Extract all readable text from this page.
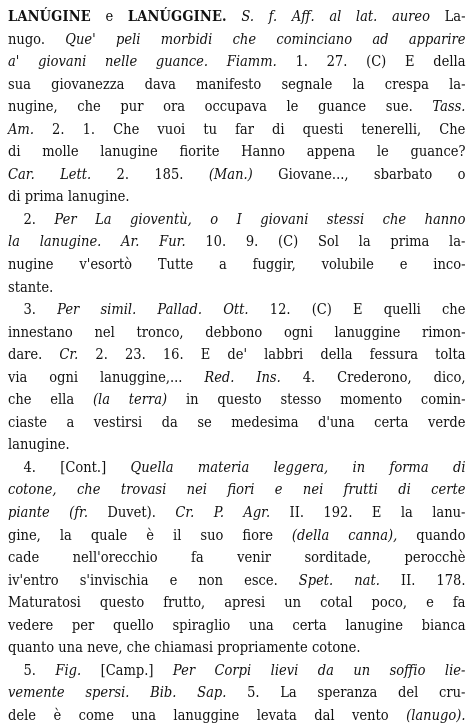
LANÚGINE e LANÚGGINE. S. f. Aff. al lat. aureo La-
nugo. Que' peli morbidi che cominciano ad apparire
a' giovani nelle guance. Fiamm. 1. 27. (C) E della
sua giovanezza dava manifesto segnale la crespa la-
nugine, che pur ora occupava le guance sue. Tass.
Am. 2. 1. Che vuoi tu far di questi tenerelli, Che
di molle lanugine fiorite Hanno appena le guance?
Car. Lett. 2. 185. (Man.) Giovane..., sbarbato o
di prima lanugine.
2. Per La gioventù, o I giovani stessi che hanno
la lanugine. Ar. Fur. 10. 9. (C) Sol la prima la-
nugine v'esortò Tutte a fuggir, volubile e inco-
stante.
3. Per simil. Pallad. Ott. 12. (C) E quelli che
innestano nel tronco, debbono ogni lanuggine rimon-
dare. Cr. 2. 23. 16. E de' labbri della fessura tolta
via ogni lanuggine,... Red. Ins. 4. Crederono, dico,
che ella (la terra) in questo stesso momento comin-
ciaste a vestirsi da se medesima d'una certa verde
lanugine.
4. [Cont.] Quella materia leggera, in forma di
cotone, che trovasi nei fiori e nei frutti di certe
piante (fr. Duvet). Cr. P. Agr. II. 192. E la lanu-
gine, la quale è il suo fiore (della canna), quando
cade nell'orecchio fa venir sorditade, perocchè
iv'entro s'invischia e non esce. Spet. nat. II. 178.
Maturatosi questo frutto, apresi un cotal poco, e fa
vedere per quello spiraglio una certa lanugine bianca
quanto una neve, che chiamasi propriamente cotone.
5. Fig. [Camp.] Per Corpi lievi da un soffio lie-
vemente spersi. Bib. Sap. 5. La speranza del cru-
dele è come una lanuggine levata dal vento (lanugo).
